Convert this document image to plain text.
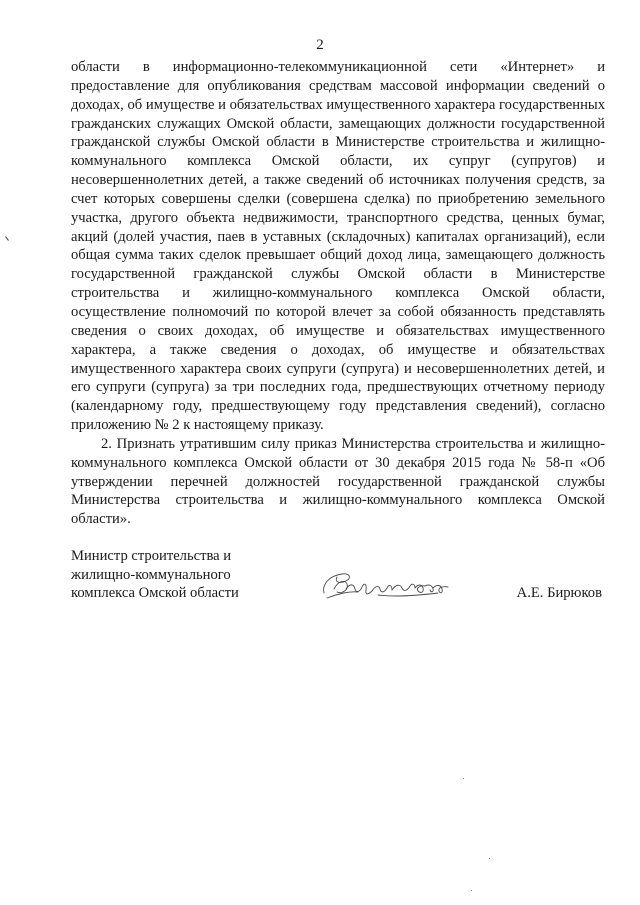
2

области в информационно-телекоммуникационной сети «Интернет» и предоставление для опубликования средствам массовой информации сведений о доходах, об имуществе и обязательствах имущественного характера государственных гражданских служащих Омской области, замещающих должности государственной гражданской службы Омской области в Министерстве строительства и жилищно-коммунального комплекса Омской области, их супруг (супругов) и несовершеннолетних детей, а также сведений об источниках получения средств, за счет которых совершены сделки (совершена сделка) по приобретению земельного участка, другого объекта недвижимости, транспортного средства, ценных бумаг, акций (долей участия, паев в уставных (складочных) капиталах организаций), если общая сумма таких сделок превышает общий доход лица, замещающего должность государственной гражданской службы Омской области в Министерстве строительства и жилищно-коммунального комплекса Омской области, осуществление полномочий по которой влечет за собой обязанность представлять сведения о своих доходах, об имуществе и обязательствах имущественного характера, а также сведения о доходах, об имуществе и обязательствах имущественного характера своих супруги (супруга) и несовершеннолетних детей, и его супруги (супруга) за три последних года, предшествующих отчетному периоду (календарному году, предшествующему году представления сведений), согласно приложению № 2 к настоящему приказу.

2. Признать утратившим силу приказ Министерства строительства и жилищно-коммунального комплекса Омской области от 30 декабря 2015 года № 58-п «Об утверждении перечней должностей государственной гражданской службы Министерства строительства и жилищно-коммунального комплекса Омской области».

Министр строительства и
жилищно-коммунального
комплекса Омской области	А.Е. Бирюков
